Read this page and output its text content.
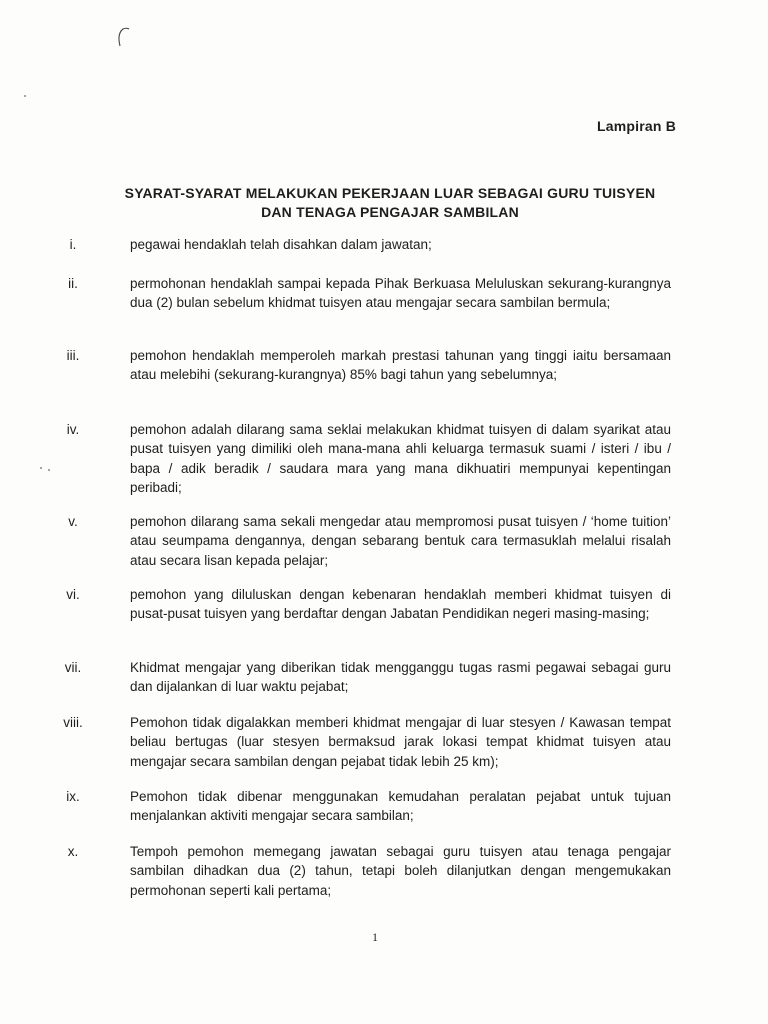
Lampiran B
SYARAT-SYARAT MELAKUKAN PEKERJAAN LUAR SEBAGAI GURU TUISYEN
DAN TENAGA PENGAJAR SAMBILAN
i.	pegawai hendaklah telah disahkan dalam jawatan;
ii.	permohonan hendaklah sampai kepada Pihak Berkuasa Meluluskan sekurang-kurangnya dua (2) bulan sebelum khidmat tuisyen atau mengajar secara sambilan bermula;
iii.	pemohon hendaklah memperoleh markah prestasi tahunan yang tinggi iaitu bersamaan atau melebihi (sekurang-kurangnya) 85% bagi tahun yang sebelumnya;
iv.	pemohon adalah dilarang sama seklai melakukan khidmat tuisyen di dalam syarikat atau pusat tuisyen yang dimiliki oleh mana-mana ahli keluarga termasuk suami / isteri / ibu / bapa / adik beradik / saudara mara yang mana dikhuatiri mempunyai kepentingan peribadi;
v.	pemohon dilarang sama sekali mengedar atau mempromosi pusat tuisyen / ‘home tuition’ atau seumpama dengannya, dengan sebarang bentuk cara termasuklah melalui risalah atau secara lisan kepada pelajar;
vi.	pemohon yang diluluskan dengan kebenaran hendaklah memberi khidmat tuisyen di pusat-pusat tuisyen yang berdaftar dengan Jabatan Pendidikan negeri masing-masing;
vii.	Khidmat mengajar yang diberikan tidak mengganggu tugas rasmi pegawai sebagai guru dan dijalankan di luar waktu pejabat;
viii.	Pemohon tidak digalakkan memberi khidmat mengajar di luar stesyen / Kawasan tempat beliau bertugas (luar stesyen bermaksud jarak lokasi tempat khidmat tuisyen atau mengajar secara sambilan dengan pejabat tidak lebih 25 km);
ix.	Pemohon tidak dibenar menggunakan kemudahan peralatan pejabat untuk tujuan menjalankan aktiviti mengajar secara sambilan;
x.	Tempoh pemohon memegang jawatan sebagai guru tuisyen atau tenaga pengajar sambilan dihadkan dua (2) tahun, tetapi boleh dilanjutkan dengan mengemukakan permohonan seperti kali pertama;
1
